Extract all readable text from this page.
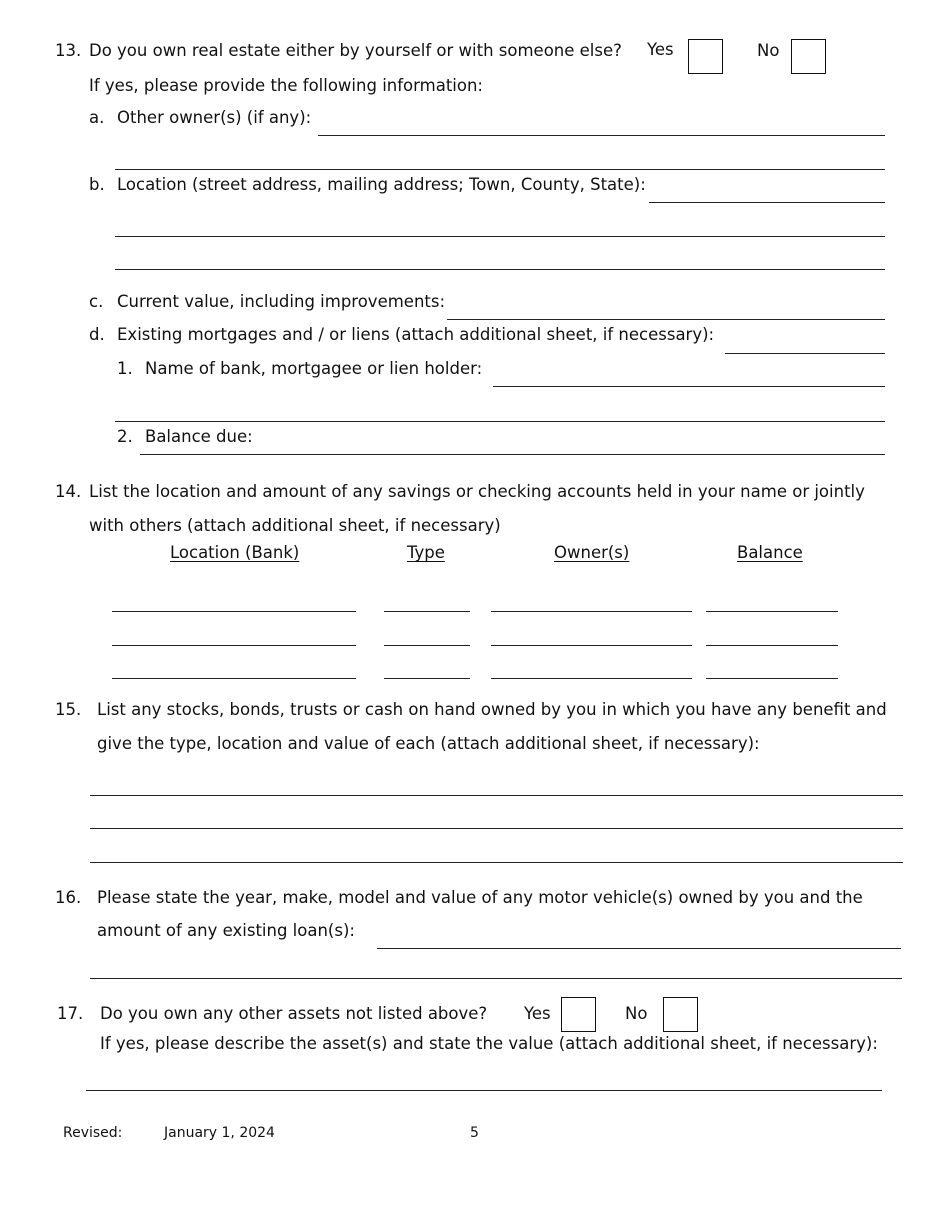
13. Do you own real estate either by yourself or with someone else? Yes	No
If yes, please provide the following information:
a. Other owner(s) (if any):
b. Location (street address, mailing address; Town, County, State):
c. Current value, including improvements:
d. Existing mortgages and / or liens (attach additional sheet, if necessary):
1. Name of bank, mortgagee or lien holder:
2. Balance due:
14. List the location and amount of any savings or checking accounts held in your name or jointly
with others (attach additional sheet, if necessary)
Location (Bank)	Type	Owner(s)	Balance
15. List any stocks, bonds, trusts or cash on hand owned by you in which you have any benefit and
give the type, location and value of each (attach additional sheet, if necessary):
16. Please state the year, make, model and value of any motor vehicle(s) owned by you and the
amount of any existing loan(s):
17. Do you own any other assets not listed above? Yes	No
If yes, please describe the asset(s) and state the value (attach additional sheet, if necessary):
Revised:	January 1, 2024	5
